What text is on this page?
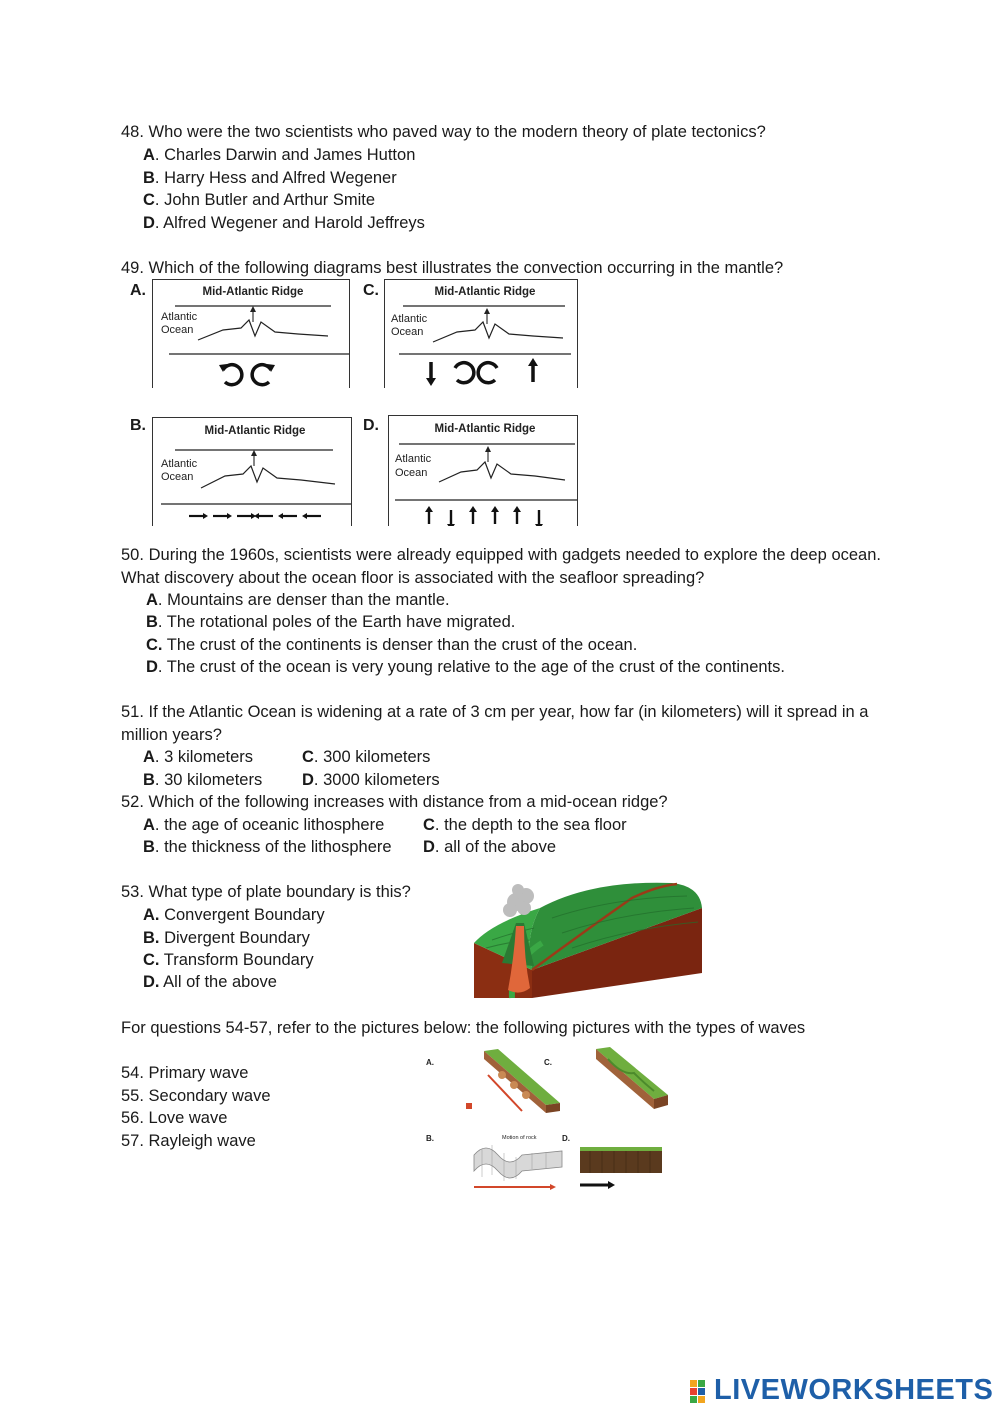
48. Who were the two scientists who paved way to the modern theory of plate tectonics?
A. Charles Darwin and James Hutton
B. Harry Hess and Alfred Wegener
C. John Butler and Arthur Smite
D. Alfred Wegener and Harold Jeffreys
49. Which of the following diagrams best illustrates the convection occurring in the mantle?
A.	C.
B.	D.
Mid-Atlantic Ridge
Atlantic
Ocean
Mid-Atlantic Ridge
Atlantic
Ocean
Mid-Atlantic Ridge
Atlantic
Ocean
Mid-Atlantic Ridge
Atlantic
Ocean
50. During the 1960s, scientists were already equipped with gadgets needed to explore the deep ocean. What discovery about the ocean floor is associated with the seafloor spreading?
A. Mountains are denser than the mantle.
B. The rotational poles of the Earth have migrated.
C. The crust of the continents is denser than the crust of the ocean.
D. The crust of the ocean is very young relative to the age of the crust of the continents.
51. If the Atlantic Ocean is widening at a rate of 3 cm per year, how far (in kilometers) will it spread in a million years?
A. 3 kilometers	C. 300 kilometers
B. 30 kilometers D. 3000 kilometers
52. Which of the following increases with distance from a mid-ocean ridge?
A. the age of oceanic lithosphere C. the depth to the sea floor
B. the thickness of the lithosphere D. all of the above
53. What type of plate boundary is this?
A. Convergent Boundary
B. Divergent Boundary
C. Transform Boundary
D. All of the above
For questions 54-57, refer to the pictures below: the following pictures with the types of waves
54. Primary wave
55. Secondary wave
56. Love wave
57. Rayleigh wave
A.	C.
B.	D.
Motion of rock
LIVEWORKSHEETS
